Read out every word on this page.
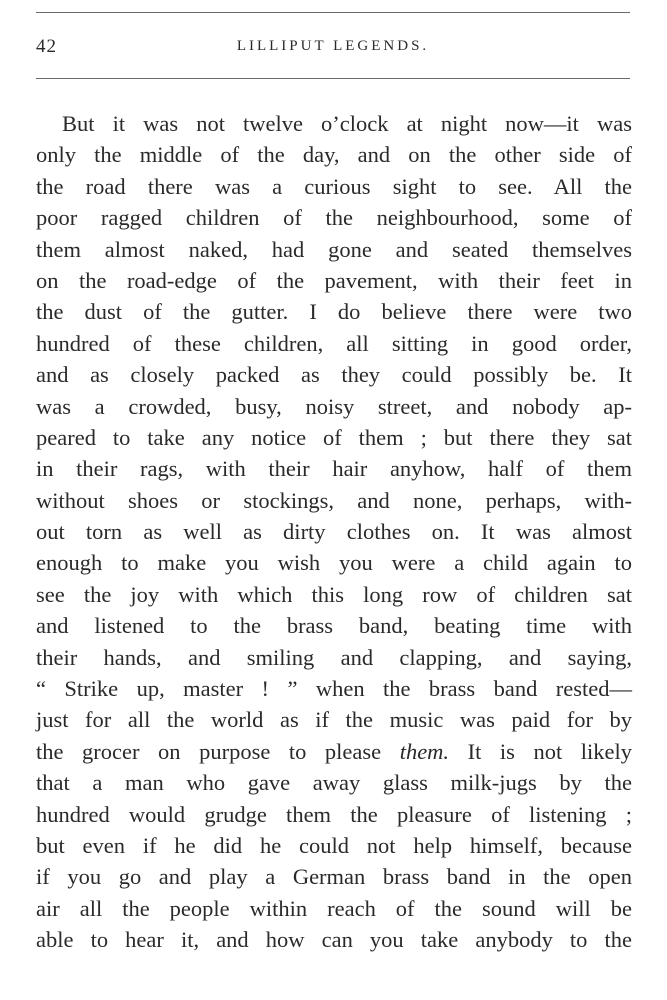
42	LILLIPUT LEGENDS.
But it was not twelve o’clock at night now—it was
only the middle of the day, and on the other side of
the road there was a curious sight to see. All the
poor ragged children of the neighbourhood, some of
them almost naked, had gone and seated themselves
on the road-edge of the pavement, with their feet in
the dust of the gutter. I do believe there were two
hundred of these children, all sitting in good order,
and as closely packed as they could possibly be. It
was a crowded, busy, noisy street, and nobody ap-
peared to take any notice of them ; but there they sat
in their rags, with their hair anyhow, half of them
without shoes or stockings, and none, perhaps, with-
out torn as well as dirty clothes on. It was almost
enough to make you wish you were a child again to
see the joy with which this long row of children sat
and listened to the brass band, beating time with
their hands, and smiling and clapping, and saying,
“ Strike up, master ! ” when the brass band rested—
just for all the world as if the music was paid for by
the grocer on purpose to please them. It is not likely
that a man who gave away glass milk-jugs by the
hundred would grudge them the pleasure of listening ;
but even if he did he could not help himself, because
if you go and play a German brass band in the open
air all the people within reach of the sound will be
able to hear it, and how can you take anybody to the
